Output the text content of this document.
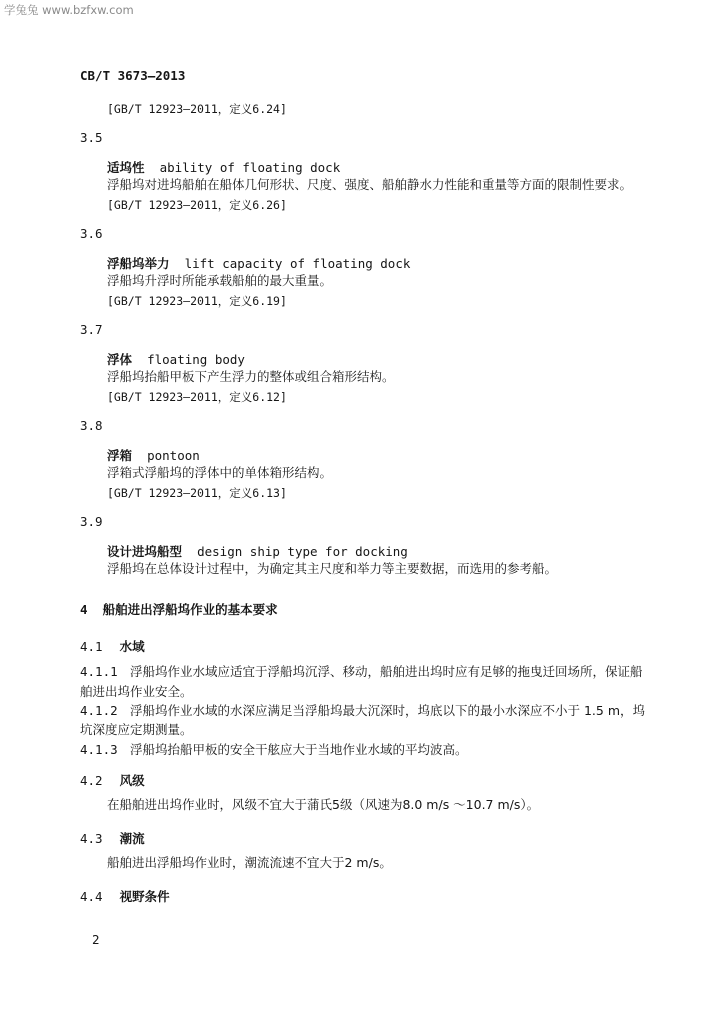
学兔兔 www.bzfxw.com
CB/T 3673—2013
[GB/T 12923—2011，定义6.24]
3.5
适坞性 ability of floating dock
浮船坞对进坞船舶在船体几何形状、尺度、强度、船舶静水力性能和重量等方面的限制性要求。
[GB/T 12923—2011，定义6.26]
3.6
浮船坞举力 lift capacity of floating dock
浮船坞升浮时所能承载船舶的最大重量。
[GB/T 12923—2011，定义6.19]
3.7
浮体 floating body
浮船坞抬船甲板下产生浮力的整体或组合箱形结构。
[GB/T 12923—2011，定义6.12]
3.8
浮箱 pontoon
浮箱式浮船坞的浮体中的单体箱形结构。
[GB/T 12923—2011，定义6.13]
3.9
设计进坞船型 design ship type for docking
浮船坞在总体设计过程中，为确定其主尺度和举力等主要数据，而选用的参考船。
4 船舶进出浮船坞作业的基本要求
4.1 水域
4.1.1 浮船坞作业水域应适宜于浮船坞沉浮、移动，船舶进出坞时应有足够的拖曳迁回场所，保证船
舶进出坞作业安全。
4.1.2 浮船坞作业水域的水深应满足当浮船坞最大沉深时，坞底以下的最小水深应不小于 1.5 m，坞
坑深度应定期测量。
4.1.3 浮船坞抬船甲板的安全干舷应大于当地作业水域的平均波高。
4.2 风级
在船舶进出坞作业时，风级不宜大于蒲氏5级（风速为8.0 m/s ～10.7 m/s）。
4.3 潮流
船舶进出浮船坞作业时，潮流流速不宜大于2 m/s。
4.4 视野条件
2
